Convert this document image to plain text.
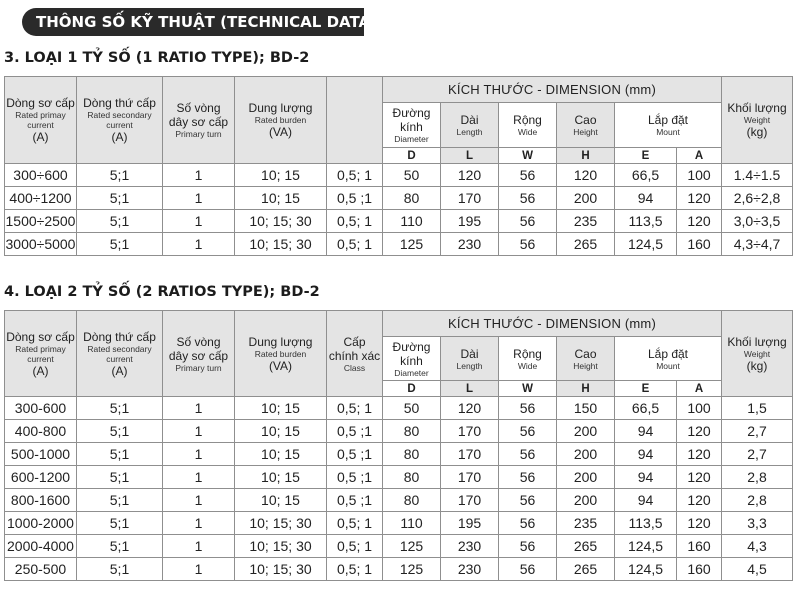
THÔNG SỐ KỸ THUẬT (TECHNICAL DATA)
3. LOẠI 1 TỶ SỐ (1 RATIO TYPE); BD-2
Dòng sơ cấp
Rated primay current
(A)	Dòng thứ cấp
Rated secondary current
(A)	Số vòng
dây sơ cấp
Primary turn	Dung lượng
Rated burden
(VA)		KÍCH THƯỚC - DIMENSION (mm)						Khối lượng
Weight
(kg)

					Đường kính
Diameter	Dài
Length	Rộng
Wide	Cao
Height	Lắp đặt
Mount		

					D	L	W	H	E	A	
300÷600	5;1	1	10; 15	0,5; 1	50	120	56	120	66,5	100	1.4÷1.5
400÷1200	5;1	1	10; 15	0,5 ;1	80	170	56	200	94	120	2,6÷2,8
1500÷2500	5;1	1	10; 15; 30	0,5; 1	110	195	56	235	113,5	120	3,0÷3,5
3000÷5000	5;1	1	10; 15; 30	0,5; 1	125	230	56	265	124,5	160	4,3÷4,7
4. LOẠI 2 TỶ SỐ (2 RATIOS TYPE); BD-2
Dòng sơ cấp
Rated primay current
(A)	Dòng thứ cấp
Rated secondary current
(A)	Số vòng
dây sơ cấp
Primary turn	Dung lượng
Rated burden
(VA)	Cấp
chính xác
Class	KÍCH THƯỚC - DIMENSION (mm)						Khối lượng
Weight
(kg)

					Đường kính
Diameter	Dài
Length	Rộng
Wide	Cao
Height	Lắp đặt
Mount		

					D	L	W	H	E	A	
300-600	5;1	1	10; 15	0,5; 1	50	120	56	150	66,5	100	1,5
400-800	5;1	1	10; 15	0,5 ;1	80	170	56	200	94	120	2,7
500-1000	5;1	1	10; 15	0,5 ;1	80	170	56	200	94	120	2,7
600-1200	5;1	1	10; 15	0,5 ;1	80	170	56	200	94	120	2,8
800-1600	5;1	1	10; 15	0,5 ;1	80	170	56	200	94	120	2,8
1000-2000	5;1	1	10; 15; 30	0,5; 1	110	195	56	235	113,5	120	3,3
2000-4000	5;1	1	10; 15; 30	0,5; 1	125	230	56	265	124,5	160	4,3
250-500	5;1	1	10; 15; 30	0,5; 1	125	230	56	265	124,5	160	4,5
